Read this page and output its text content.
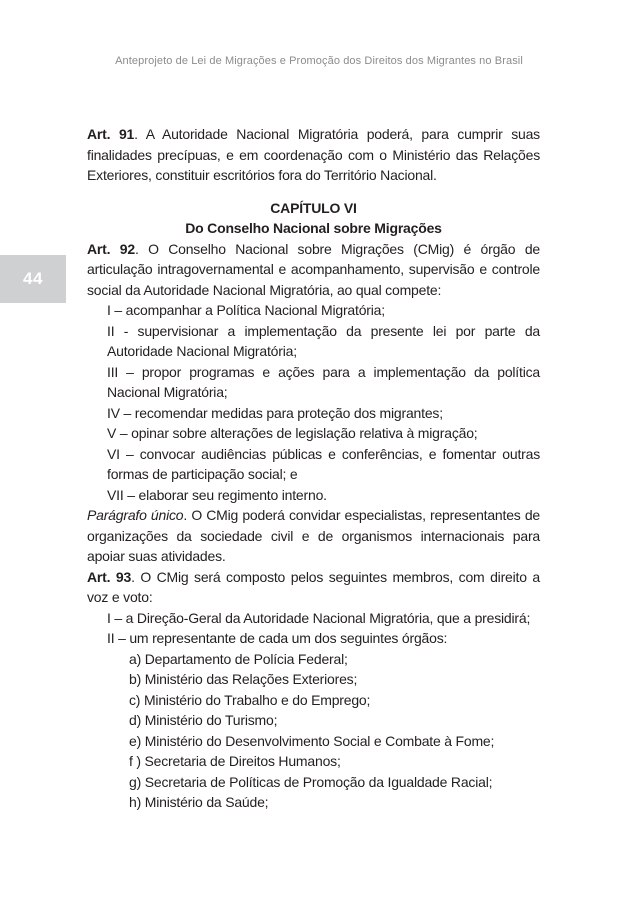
Anteprojeto de Lei de Migrações e Promoção dos Direitos dos Migrantes no Brasil
44

Art. 91. A Autoridade Nacional Migratória poderá, para cumprir suas finalidades precípuas, e em coordenação com o Ministério das Relações Exteriores, constituir escritórios fora do Território Nacional.

CAPÍTULO VI
Do Conselho Nacional sobre Migrações

Art. 92. O Conselho Nacional sobre Migrações (CMig) é órgão de articulação intragovernamental e acompanhamento, supervisão e controle social da Autoridade Nacional Migratória, ao qual compete:

I – acompanhar a Política Nacional Migratória;
II - supervisionar a implementação da presente lei por parte da Autoridade Nacional Migratória;
III – propor programas e ações para a implementação da política Nacional Migratória;
IV – recomendar medidas para proteção dos migrantes;
V – opinar sobre alterações de legislação relativa à migração;
VI – convocar audiências públicas e conferências, e fomentar outras formas de participação social; e
VII – elaborar seu regimento interno.

Parágrafo único. O CMig poderá convidar especialistas, representantes de organizações da sociedade civil e de organismos internacionais para apoiar suas atividades.

Art. 93. O CMig será composto pelos seguintes membros, com direito a voz e voto:

I – a Direção-Geral da Autoridade Nacional Migratória, que a presidirá;
II – um representante de cada um dos seguintes órgãos:
a) Departamento de Polícia Federal;
b) Ministério das Relações Exteriores;
c) Ministério do Trabalho e do Emprego;
d) Ministério do Turismo;
e) Ministério do Desenvolvimento Social e Combate à Fome;
f ) Secretaria de Direitos Humanos;
g) Secretaria de Políticas de Promoção da Igualdade Racial;
h) Ministério da Saúde;
